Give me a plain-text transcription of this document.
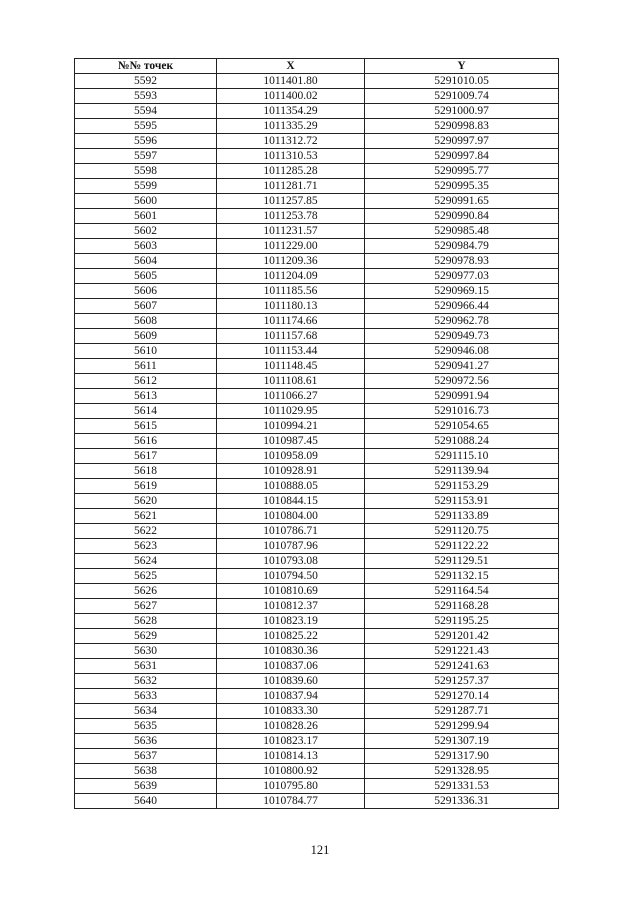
№№ точек	X	Y
5592	1011401.80	5291010.05
5593	1011400.02	5291009.74
5594	1011354.29	5291000.97
5595	1011335.29	5290998.83
5596	1011312.72	5290997.97
5597	1011310.53	5290997.84
5598	1011285.28	5290995.77
5599	1011281.71	5290995.35
5600	1011257.85	5290991.65
5601	1011253.78	5290990.84
5602	1011231.57	5290985.48
5603	1011229.00	5290984.79
5604	1011209.36	5290978.93
5605	1011204.09	5290977.03
5606	1011185.56	5290969.15
5607	1011180.13	5290966.44
5608	1011174.66	5290962.78
5609	1011157.68	5290949.73
5610	1011153.44	5290946.08
5611	1011148.45	5290941.27
5612	1011108.61	5290972.56
5613	1011066.27	5290991.94
5614	1011029.95	5291016.73
5615	1010994.21	5291054.65
5616	1010987.45	5291088.24
5617	1010958.09	5291115.10
5618	1010928.91	5291139.94
5619	1010888.05	5291153.29
5620	1010844.15	5291153.91
5621	1010804.00	5291133.89
5622	1010786.71	5291120.75
5623	1010787.96	5291122.22
5624	1010793.08	5291129.51
5625	1010794.50	5291132.15
5626	1010810.69	5291164.54
5627	1010812.37	5291168.28
5628	1010823.19	5291195.25
5629	1010825.22	5291201.42
5630	1010830.36	5291221.43
5631	1010837.06	5291241.63
5632	1010839.60	5291257.37
5633	1010837.94	5291270.14
5634	1010833.30	5291287.71
5635	1010828.26	5291299.94
5636	1010823.17	5291307.19
5637	1010814.13	5291317.90
5638	1010800.92	5291328.95
5639	1010795.80	5291331.53
5640	1010784.77	5291336.31
121
